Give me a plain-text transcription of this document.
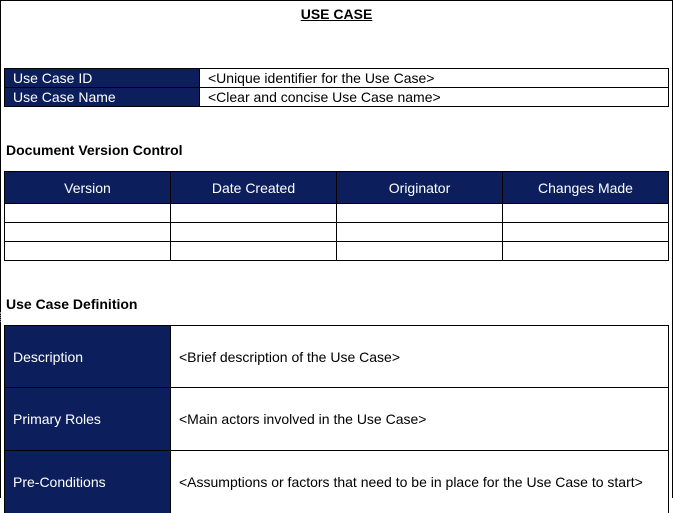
USE CASE
Use Case ID	<Unique identifier for the Use Case>
Use Case Name	<Clear and concise Use Case name>
Document Version Control
Version	Date Created	Originator	Changes Made

Use Case Definition
Description	<Brief description of the Use Case>
Primary Roles	<Main actors involved in the Use Case>
Pre-Conditions	<Assumptions or factors that need to be in place for the Use Case to start>
